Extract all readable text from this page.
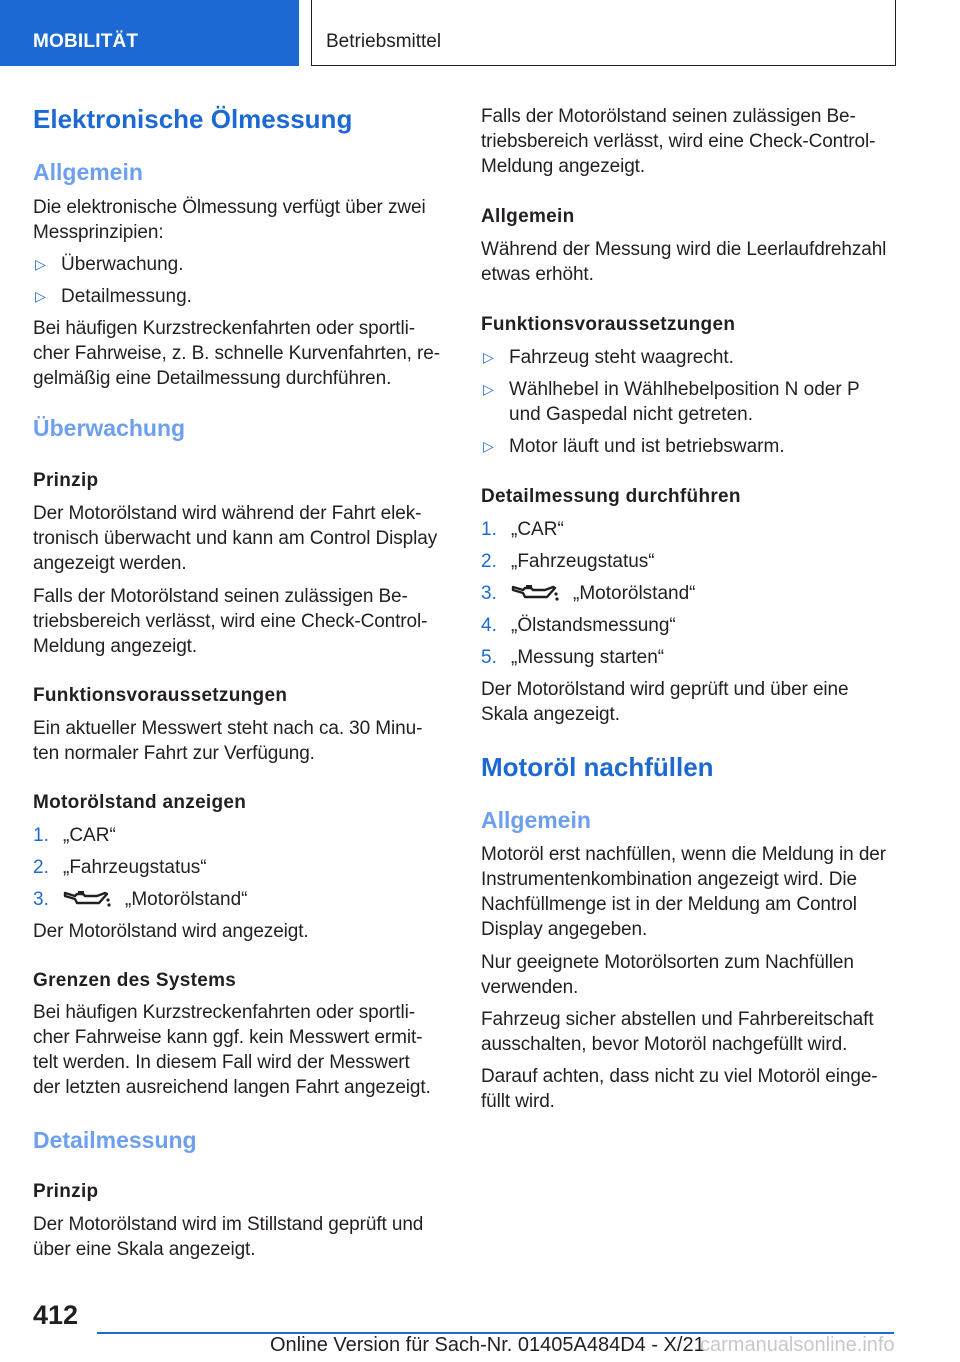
MOBILITÄT	Betriebsmittel
Elektronische Ölmessung
Allgemein
Die elektronische Ölmessung verfügt über zwei
Messprinzipien:
▷ Überwachung.
▷ Detailmessung.
Bei häufigen Kurzstreckenfahrten oder sportli‐
cher Fahrweise, z. B. schnelle Kurvenfahrten, re‐
gelmäßig eine Detailmessung durchführen.
Überwachung
Prinzip
Der Motorölstand wird während der Fahrt elek‐
tronisch überwacht und kann am Control Display
angezeigt werden.
Falls der Motorölstand seinen zulässigen Be‐
triebsbereich verlässt, wird eine Check-Control-
Meldung angezeigt.
Funktionsvoraussetzungen
Ein aktueller Messwert steht nach ca. 30 Minu‐
ten normaler Fahrt zur Verfügung.
Motorölstand anzeigen
1. „CAR“
2. „Fahrzeugstatus“
3.	„Motorölstand“
Der Motorölstand wird angezeigt.
Grenzen des Systems
Bei häufigen Kurzstreckenfahrten oder sportli‐
cher Fahrweise kann ggf. kein Messwert ermit‐
telt werden. In diesem Fall wird der Messwert
der letzten ausreichend langen Fahrt angezeigt.
Detailmessung
Prinzip
Der Motorölstand wird im Stillstand geprüft und
über eine Skala angezeigt.
Falls der Motorölstand seinen zulässigen Be‐
triebsbereich verlässt, wird eine Check-Control-
Meldung angezeigt.
Allgemein
Während der Messung wird die Leerlaufdrehzahl
etwas erhöht.
Funktionsvoraussetzungen
▷ Fahrzeug steht waagrecht.
▷ Wählhebel in Wählhebelposition N oder P
und Gaspedal nicht getreten.
▷ Motor läuft und ist betriebswarm.
Detailmessung durchführen
1. „CAR“
2. „Fahrzeugstatus“
3.	„Motorölstand“
4. „Ölstandsmessung“
5. „Messung starten“
Der Motorölstand wird geprüft und über eine
Skala angezeigt.
Motoröl nachfüllen
Allgemein
Motoröl erst nachfüllen, wenn die Meldung in der
Instrumentenkombination angezeigt wird. Die
Nachfüllmenge ist in der Meldung am Control
Display angegeben.
Nur geeignete Motorölsorten zum Nachfüllen
verwenden.
Fahrzeug sicher abstellen und Fahrbereitschaft
ausschalten, bevor Motoröl nachgefüllt wird.
Darauf achten, dass nicht zu viel Motoröl einge‐
füllt wird.
412
Online Version für Sach-Nr. 01405A484D4 - X/21
carmanualsonline.info
